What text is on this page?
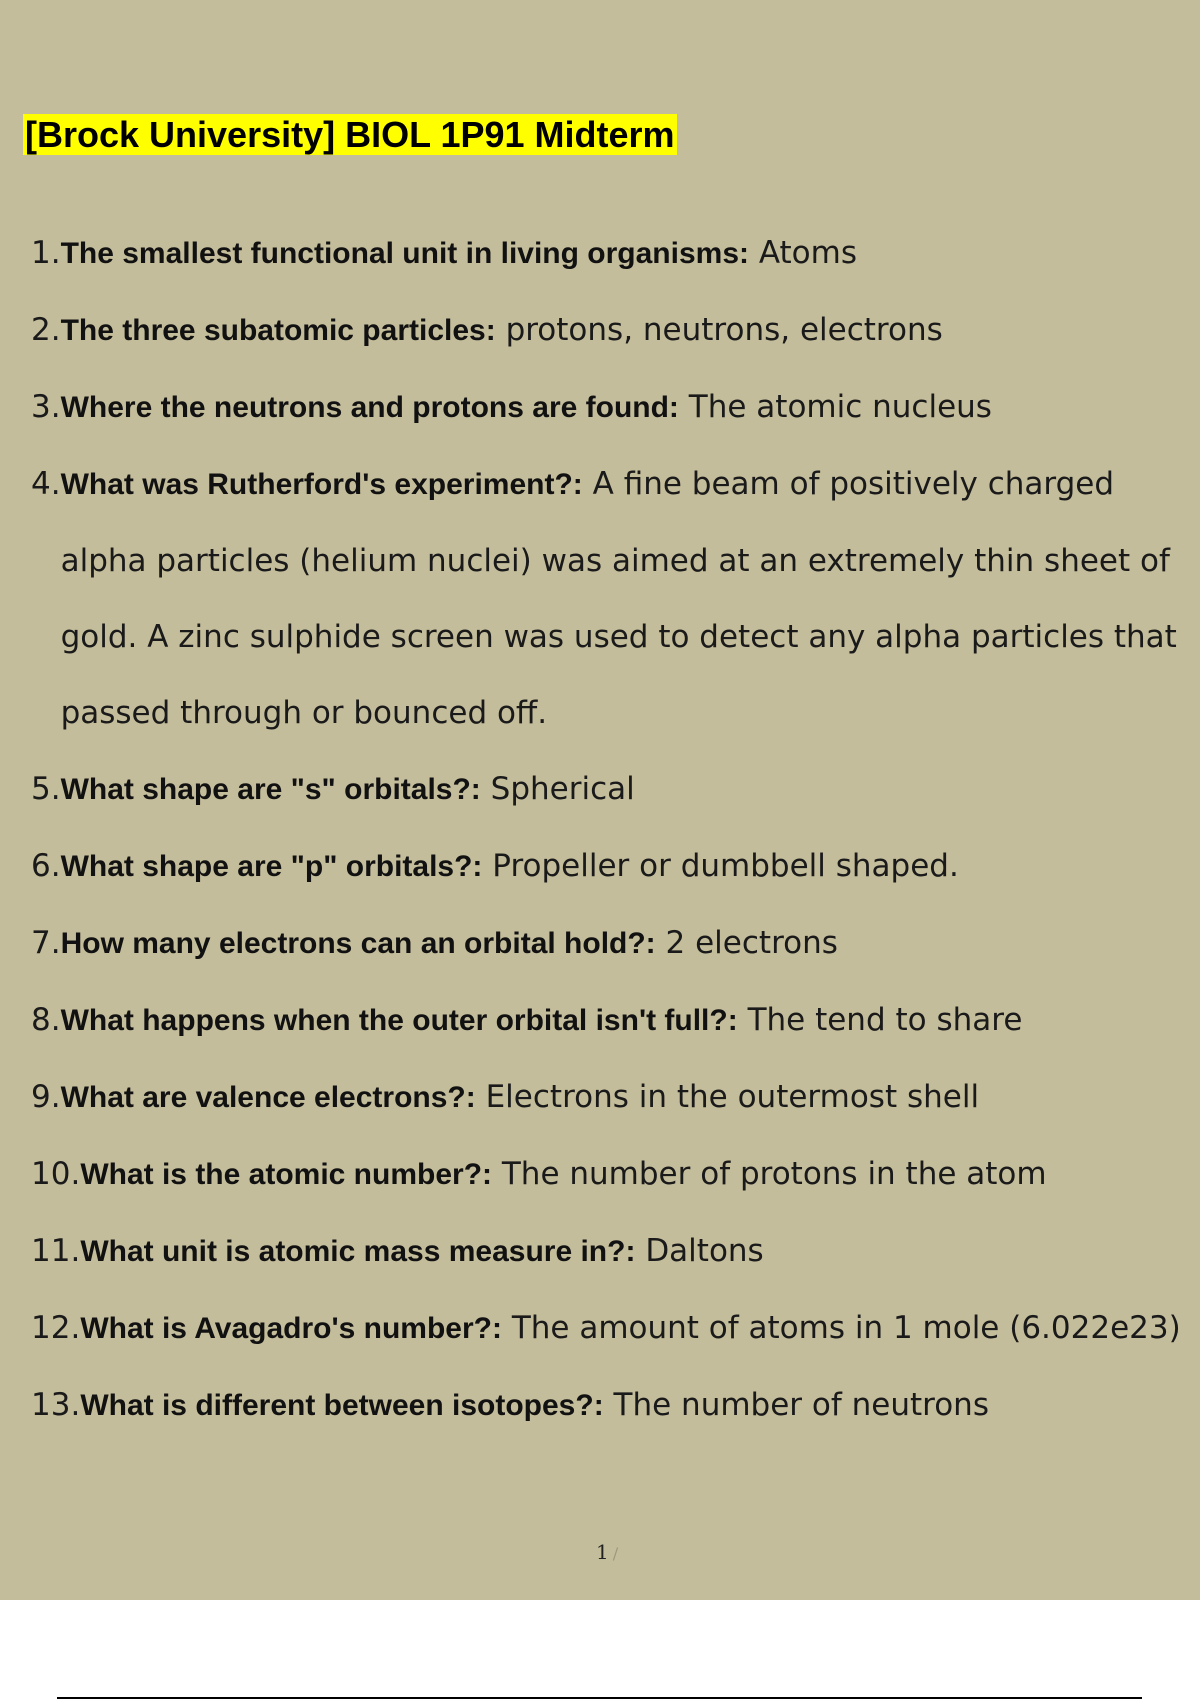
[Brock University] BIOL 1P91 Midterm
1. The smallest functional unit in living organisms: Atoms
2. The three subatomic particles: protons, neutrons, electrons
3. Where the neutrons and protons are found: The atomic nucleus
4. What was Rutherford's experiment?: A fine beam of positively charged alpha particles (helium nuclei) was aimed at an extremely thin sheet of gold. A zinc sulphide screen was used to detect any alpha particles that passed through or bounced off.
5. What shape are "s" orbitals?: Spherical
6. What shape are "p" orbitals?: Propeller or dumbbell shaped.
7. How many electrons can an orbital hold?: 2 electrons
8. What happens when the outer orbital isn't full?: The tend to share
9. What are valence electrons?: Electrons in the outermost shell
10. What is the atomic number?: The number of protons in the atom
11. What unit is atomic mass measure in?: Daltons
12. What is Avagadro's number?: The amount of atoms in 1 mole (6.022e23)
13. What is different between isotopes?: The number of neutrons
1 /
